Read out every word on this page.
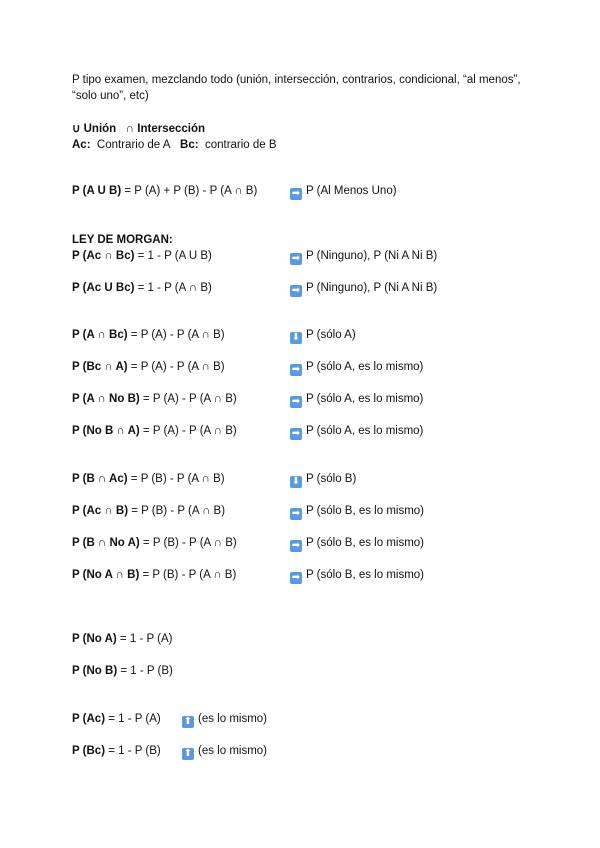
P tipo examen, mezclando todo (unión, intersección, contrarios, condicional, “al menos”, “solo uno”, etc)
∪ Unión ∩ Intersección
Ac: Contrario de A Bc: contrario de B
P (A U B) = P (A) + P (B) - P (A ∩ B)	➡ P (Al Menos Uno)
LEY DE MORGAN:
P (Ac ∩ Bc) = 1 - P (A U B)	➡ P (Ninguno), P (Ni A Ni B)
P (Ac U Bc) = 1 - P (A ∩ B)	➡ P (Ninguno), P (Ni A Ni B)
P (A ∩ Bc) = P (A) - P (A ∩ B)	⬇ P (sólo A)
P (Bc ∩ A) = P (A) - P (A ∩ B)	➡ P (sólo A, es lo mismo)
P (A ∩ No B) = P (A) - P (A ∩ B)	➡ P (sólo A, es lo mismo)
P (No B ∩ A) = P (A) - P (A ∩ B)	➡ P (sólo A, es lo mismo)
P (B ∩ Ac) = P (B) - P (A ∩ B)	⬇ P (sólo B)
P (Ac ∩ B) = P (B) - P (A ∩ B)	➡ P (sólo B, es lo mismo)
P (B ∩ No A) = P (B) - P (A ∩ B)	➡ P (sólo B, es lo mismo)
P (No A ∩ B) = P (B) - P (A ∩ B)	➡ P (sólo B, es lo mismo)
P (No A) = 1 - P (A)
P (No B) = 1 - P (B)
P (Ac) = 1 - P (A) ⬆ (es lo mismo)
P (Bc) = 1 - P (B) ⬆ (es lo mismo)
